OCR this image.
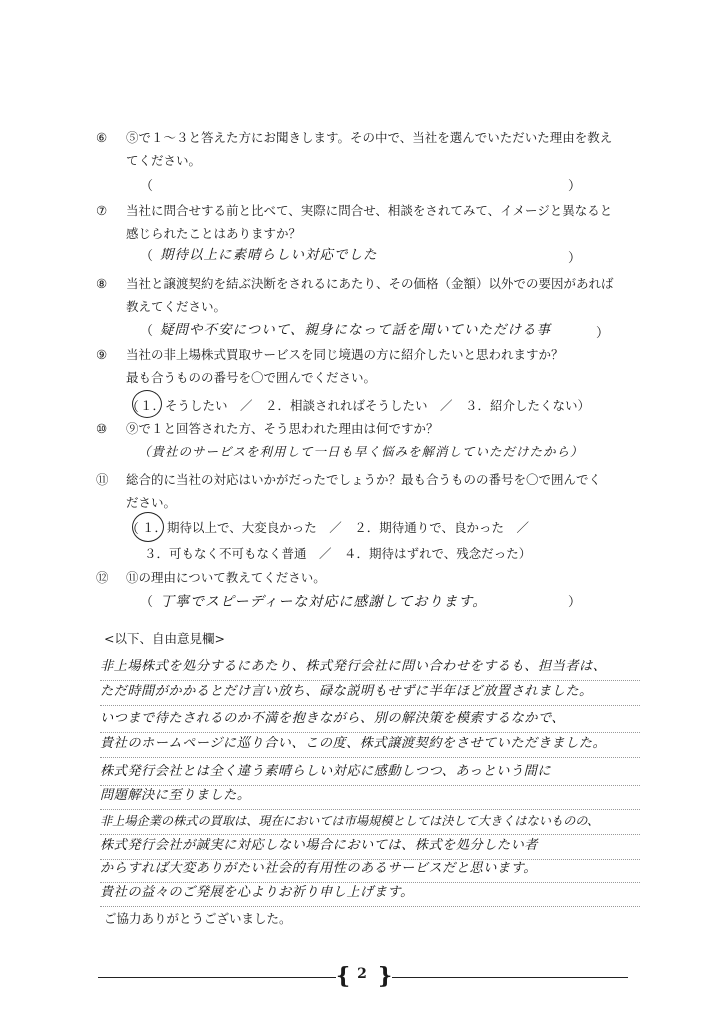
⑥	⑤で１～３と答えた方にお聞きします。その中で、当社を選んでいただいた理由を教え
てください。
（	）
⑦	当社に問合せする前と比べて、実際に問合せ、相談をされてみて、イメージと異なると
感じられたことはありますか？
（ 期待以上に素晴らしい対応でした	）
⑧	当社と譲渡契約を結ぶ決断をされるにあたり、その価格（金額）以外での要因があれば
教えてください。
（ 疑問や不安について、親身になって話を聞いていただける事	）
⑨	当社の非上場株式買取サービスを同じ境遇の方に紹介したいと思われますか？
最も合うものの番号を〇で囲んでください。
（ １．そうしたい　／　２．相談されればそうしたい　／　３．紹介したくない）
⑩	⑨で１と回答された方、そう思われた理由は何ですか？
（貴社のサービスを利用して一日も早く悩みを解消していただけたから）
⑪	総合的に当社の対応はいかがだったでしょうか？最も合うものの番号を〇で囲んでく
ださい。
（ １．期待以上で、大変良かった　／　２．期待通りで、良かった　／
３．可もなく不可もなく普通　／　４．期待はずれで、残念だった）
⑫	⑪の理由について教えてください。
（ 丁寧でスピーディーな対応に感謝しております。	）
<以下、自由意見欄>
非上場株式を処分するにあたり、株式発行会社に問い合わせをするも、担当者は、
ただ時間がかかるとだけ言い放ち、碌な説明もせずに半年ほど放置されました。
いつまで待たされるのか不満を抱きながら、別の解決策を模索するなかで、
貴社のホームページに巡り合い、この度、株式譲渡契約をさせていただきました。
株式発行会社とは全く違う素晴らしい対応に感動しつつ、あっという間に
問題解決に至りました。
非上場企業の株式の買取は、現在においては市場規模としては決して大きくはないものの、
株式発行会社が誠実に対応しない場合においては、株式を処分したい者
からすれば大変ありがたい社会的有用性のあるサービスだと思います。
貴社の益々のご発展を心よりお祈り申し上げます。
ご協力ありがとうございました。
{ 2 }
